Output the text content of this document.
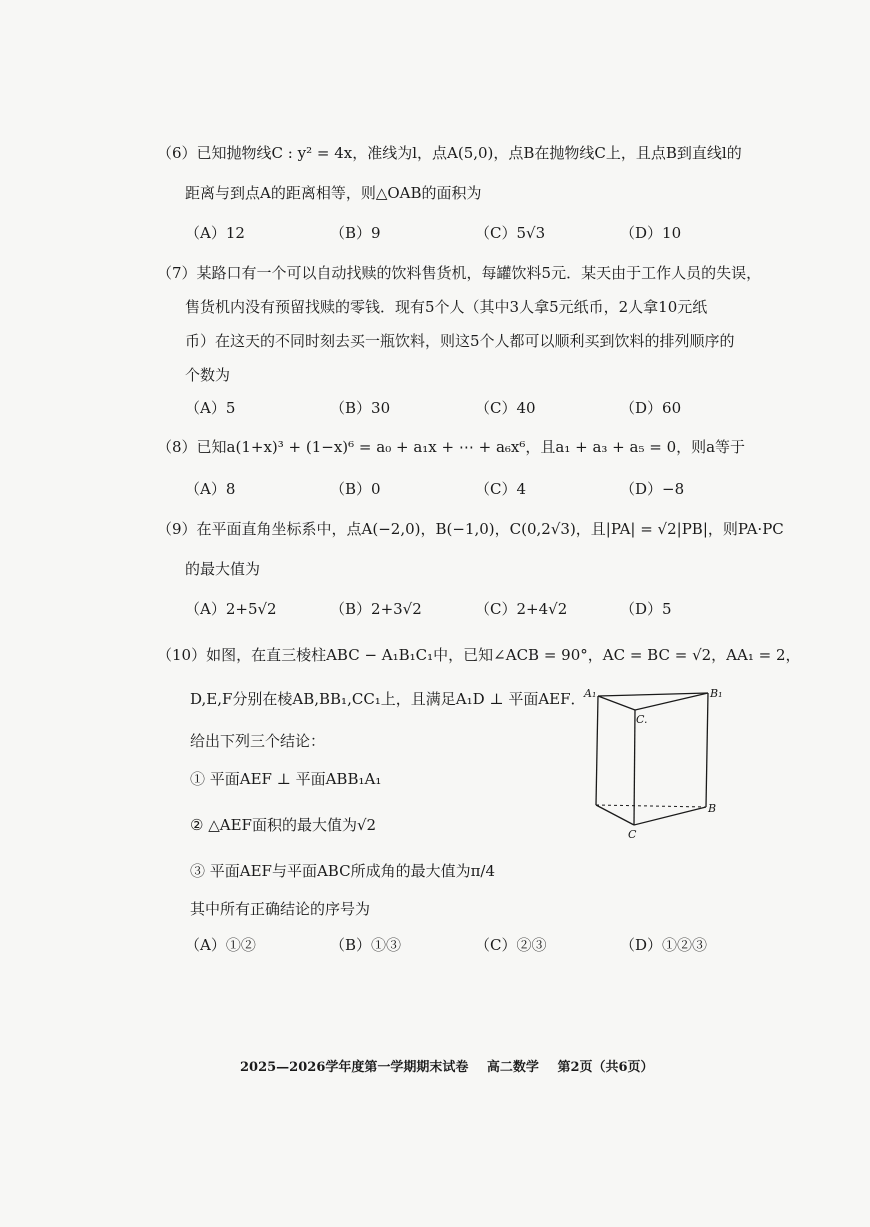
（6）已知抛物线C : y² = 4x，准线为l，点A(5,0)，点B在抛物线C上，且点B到直线l的
距离与到点A的距离相等，则△OAB的面积为
（A）12	（B）9	（C）5√3	（D）10
（7）某路口有一个可以自动找赎的饮料售货机，每罐饮料5元．某天由于工作人员的失误，
售货机内没有预留找赎的零钱．现有5个人（其中3人拿5元纸币，2人拿10元纸
币）在这天的不同时刻去买一瓶饮料，则这5个人都可以顺利买到饮料的排列顺序的
个数为
（A）5	（B）30	（C）40	（D）60
（8）已知a(1+x)³ + (1−x)⁶ = a₀ + a₁x + ⋯ + a₆x⁶，且a₁ + a₃ + a₅ = 0，则a等于
（A）8	（B）0	（C）4	（D）−8
（9）在平面直角坐标系中，点A(−2,0)，B(−1,0)，C(0,2√3)，且|PA| = √2|PB|，则PA·PC
的最大值为
（A）2+5√2	（B）2+3√2	（C）2+4√2	（D）5
（10）如图，在直三棱柱ABC − A₁B₁C₁中，已知∠ACB = 90°，AC = BC = √2，AA₁ = 2，
D,E,F分别在棱AB,BB₁,CC₁上，且满足A₁D ⊥ 平面AEF．
给出下列三个结论：
① 平面AEF ⊥ 平面ABB₁A₁
② △AEF面积的最大值为√2
③ 平面AEF与平面ABC所成角的最大值为π/4
其中所有正确结论的序号为
（A）①②	（B）①③	（C）②③	（D）①②③
A₁	B₁
C.
B
C
2025—2026学年度第一学期期末试卷 高二数学 第2页（共6页）
